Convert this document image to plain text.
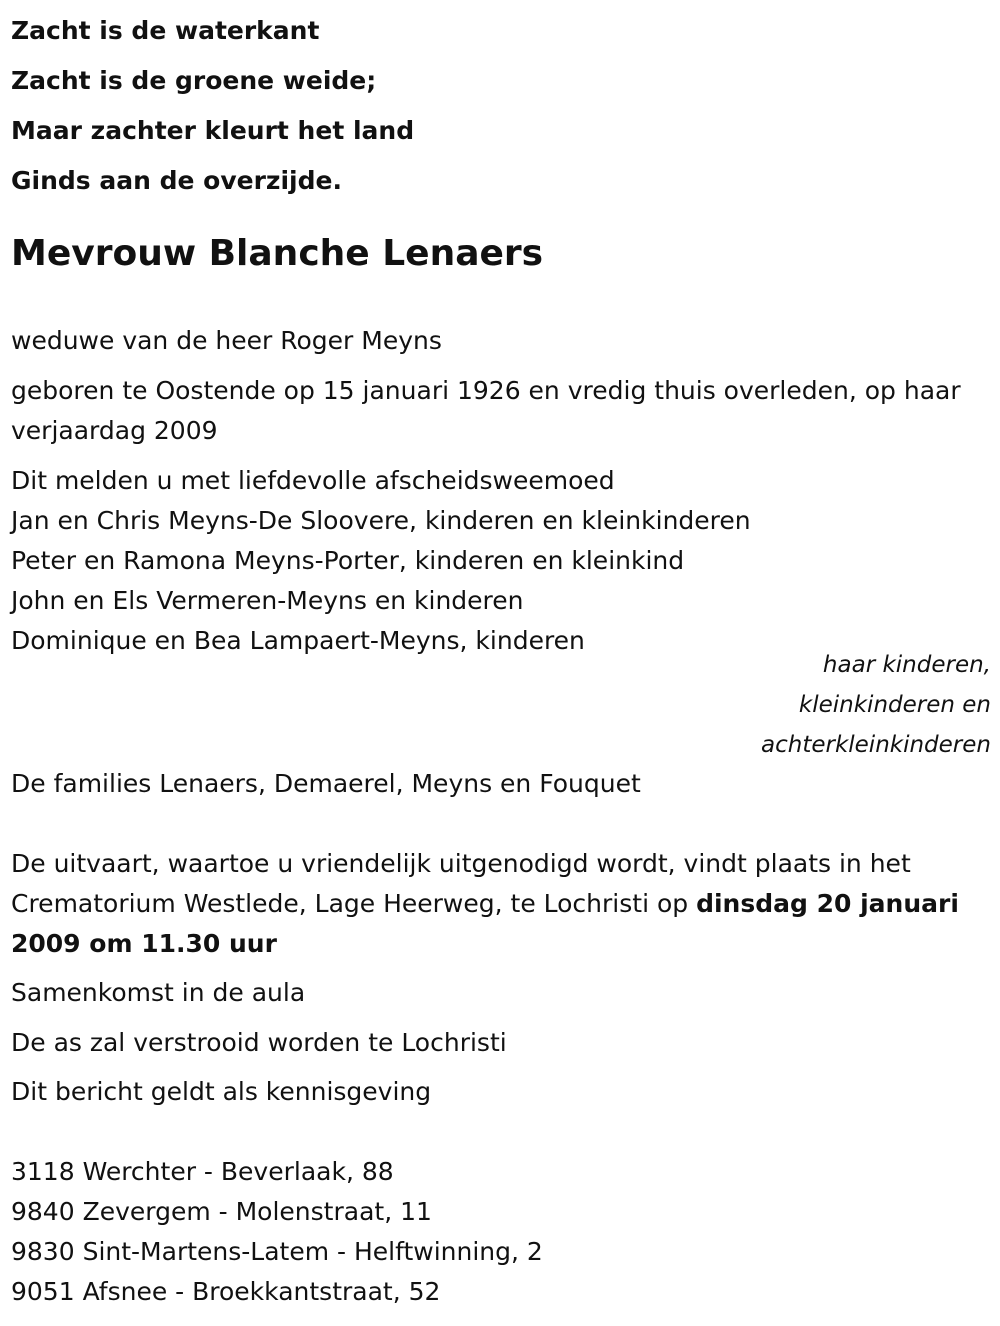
Zacht is de waterkant
Zacht is de groene weide;
Maar zachter kleurt het land
Ginds aan de overzijde.
Mevrouw Blanche Lenaers

weduwe van de heer Roger Meyns

geboren te Oostende op 15 januari 1926 en vredig thuis overleden, op haar verjaardag 2009

Dit melden u met liefdevolle afscheidsweemoed

Jan en Chris Meyns-De Sloovere, kinderen en kleinkinderen

Peter en Ramona Meyns-Porter, kinderen en kleinkind

John en Els Vermeren-Meyns en kinderen

Dominique en Bea Lampaert-Meyns, kinderen

haar kinderen,
kleinkinderen en
achterkleinkinderen

De families Lenaers, Demaerel, Meyns en Fouquet

De uitvaart, waartoe u vriendelijk uitgenodigd wordt, vindt plaats in het Crematorium Westlede, Lage Heerweg, te Lochristi op dinsdag 20 januari 2009 om 11.30 uur

Samenkomst in de aula

De as zal verstrooid worden te Lochristi

Dit bericht geldt als kennisgeving

3118 Werchter - Beverlaak, 88

9840 Zevergem - Molenstraat, 11

9830 Sint-Martens-Latem - Helftwinning, 2

9051 Afsnee - Broekkantstraat, 52
